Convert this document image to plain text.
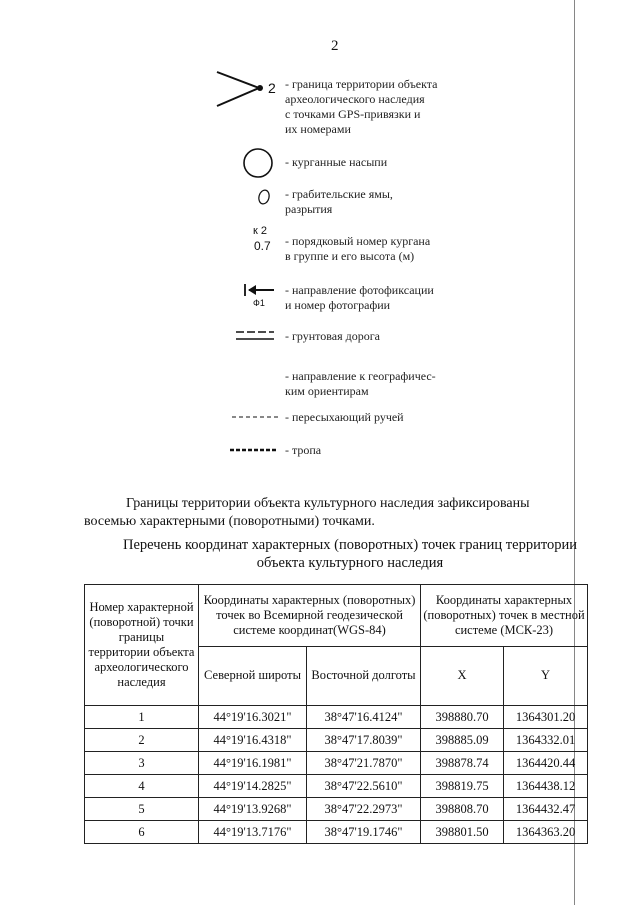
2
2 - граница территории объекта
археологического наследия
с точками GPS-привязки и
их номерами
- курганные насыпи
- грабительские ямы,
разрытия
к 2
0.7 - порядковый номер кургана
в группе и его высота (м)
Ф1
- направление фотофиксации
и номер фотографии
- грунтовая дорога
- направление к географичес-
ким ориентирам
- пересыхающий ручей
- тропа
Границы территории объекта культурного наследия зафиксированы
восемью характерными (поворотными) точками.
Перечень координат характерных (поворотных) точек границ территории
объекта культурного наследия
Номер характерной (поворотной) точки границы территории объекта археологического наследия	Координаты характерных (поворотных) точек во Всемирной геодезической системе координат(WGS-84)		Координаты характерных (поворотных) точек в местной системе (МСК-23)	
	Северной широты	Восточной долготы	X	Y
1	44°19'16.3021"	38°47'16.4124"	398880.70	1364301.20
2	44°19'16.4318"	38°47'17.8039"	398885.09	1364332.01
3	44°19'16.1981"	38°47'21.7870"	398878.74	1364420.44
4	44°19'14.2825"	38°47'22.5610"	398819.75	1364438.12
5	44°19'13.9268"	38°47'22.2973"	398808.70	1364432.47
6	44°19'13.7176"	38°47'19.1746"	398801.50	1364363.20
